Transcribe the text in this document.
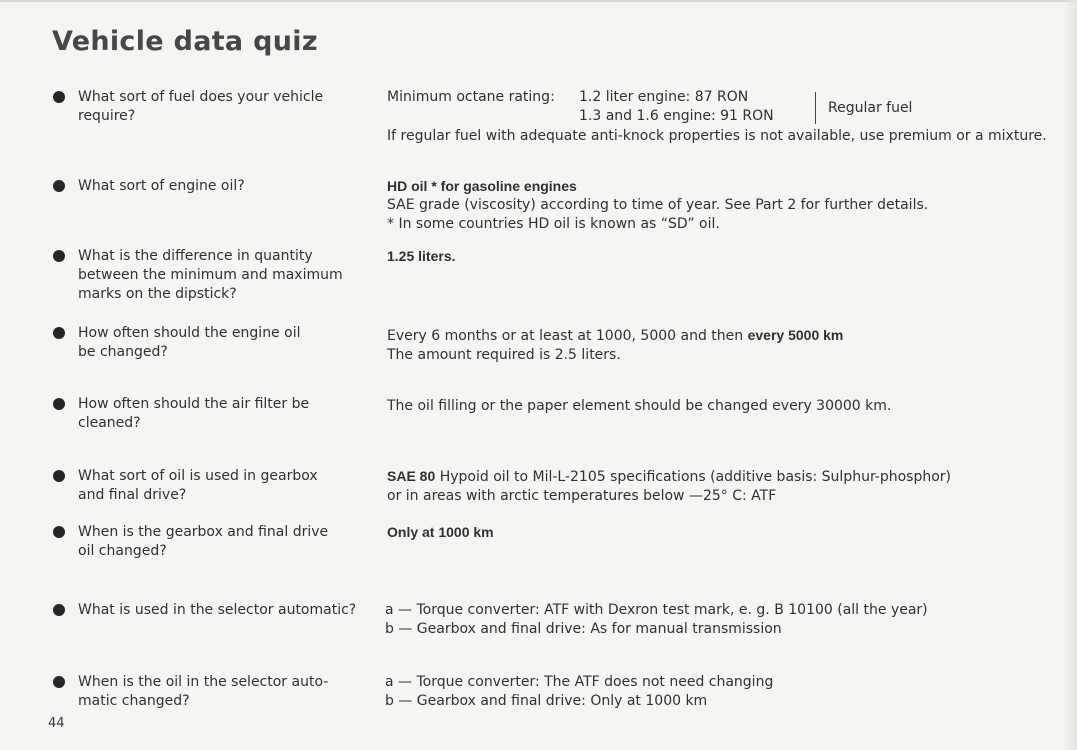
Vehicle data quiz
What sort of fuel does your vehicle
require?
Minimum octane rating: 1.2 liter engine: 87 RON
1.3 and 1.6 engine: 91 RON	Regular fuel

If regular fuel with adequate anti-knock properties is not available, use premium or a mixture.

What sort of engine oil?	HD oil * for gasoline engines

SAE grade (viscosity) according to time of year. See Part 2 for further details.

* In some countries HD oil is known as “SD” oil.

What is the difference in quantity
between the minimum and maximum
marks on the dipstick?

1.25 liters.

How often should the engine oil
be changed?

Every 6 months or at least at 1000, 5000 and then every 5000 km

The amount required is 2.5 liters.

How often should the air filter be
cleaned?

The oil filling or the paper element should be changed every 30000 km.

What sort of oil is used in gearbox
and final drive?

SAE 80 Hypoid oil to Mil-L-2105 specifications (additive basis: Sulphur-phosphor)

or in areas with arctic temperatures below —25° C: ATF

When is the gearbox and final drive
oil changed?

Only at 1000 km

What is used in the selector automatic?	a — Torque converter: ATF with Dexron test mark, e. g. B 10100 (all the year)

b — Gearbox and final drive: As for manual transmission

When is the oil in the selector auto-
matic changed?

a — Torque converter: The ATF does not need changing

b — Gearbox and final drive: Only at 1000 km

44
